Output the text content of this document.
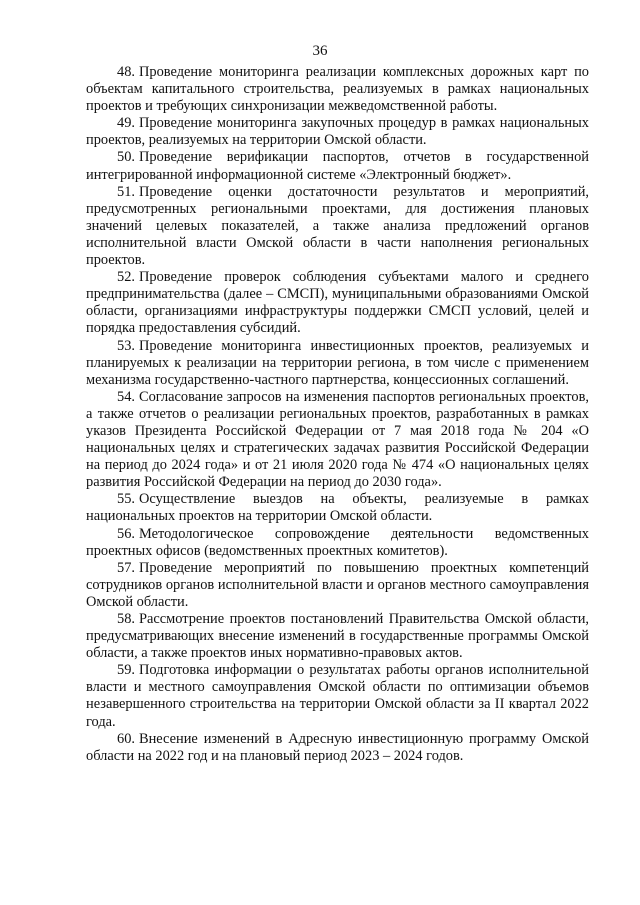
36

48. Проведение мониторинга реализации комплексных дорожных карт по объектам капитального строительства, реализуемых в рамках национальных проектов и требующих синхронизации межведомственной работы.

49. Проведение мониторинга закупочных процедур в рамках национальных проектов, реализуемых на территории Омской области.

50. Проведение верификации паспортов, отчетов в государственной интегрированной информационной системе «Электронный бюджет».

51. Проведение оценки достаточности результатов и мероприятий, предусмотренных региональными проектами, для достижения плановых значений целевых показателей, а также анализа предложений органов исполнительной власти Омской области в части наполнения региональных проектов.

52. Проведение проверок соблюдения субъектами малого и среднего предпринимательства (далее – СМСП), муниципальными образованиями Омской области, организациями инфраструктуры поддержки СМСП условий, целей и порядка предоставления субсидий.

53. Проведение мониторинга инвестиционных проектов, реализуемых и планируемых к реализации на территории региона, в том числе с применением механизма государственно-частного партнерства, концессионных соглашений.

54. Согласование запросов на изменения паспортов региональных проектов, а также отчетов о реализации региональных проектов, разработанных в рамках указов Президента Российской Федерации от 7 мая 2018 года № 204 «О национальных целях и стратегических задачах развития Российской Федерации на период до 2024 года» и от 21 июля 2020 года № 474 «О национальных целях развития Российской Федерации на период до 2030 года».

55. Осуществление выездов на объекты, реализуемые в рамках национальных проектов на территории Омской области.

56. Методологическое сопровождение деятельности ведомственных проектных офисов (ведомственных проектных комитетов).

57. Проведение мероприятий по повышению проектных компетенций сотрудников органов исполнительной власти и органов местного самоуправления Омской области.

58. Рассмотрение проектов постановлений Правительства Омской области, предусматривающих внесение изменений в государственные программы Омской области, а также проектов иных нормативно-правовых актов.

59. Подготовка информации о результатах работы органов исполнительной власти и местного самоуправления Омской области по оптимизации объемов незавершенного строительства на территории Омской области за II квартал 2022 года.

60. Внесение изменений в Адресную инвестиционную программу Омской области на 2022 год и на плановый период 2023 – 2024 годов.
